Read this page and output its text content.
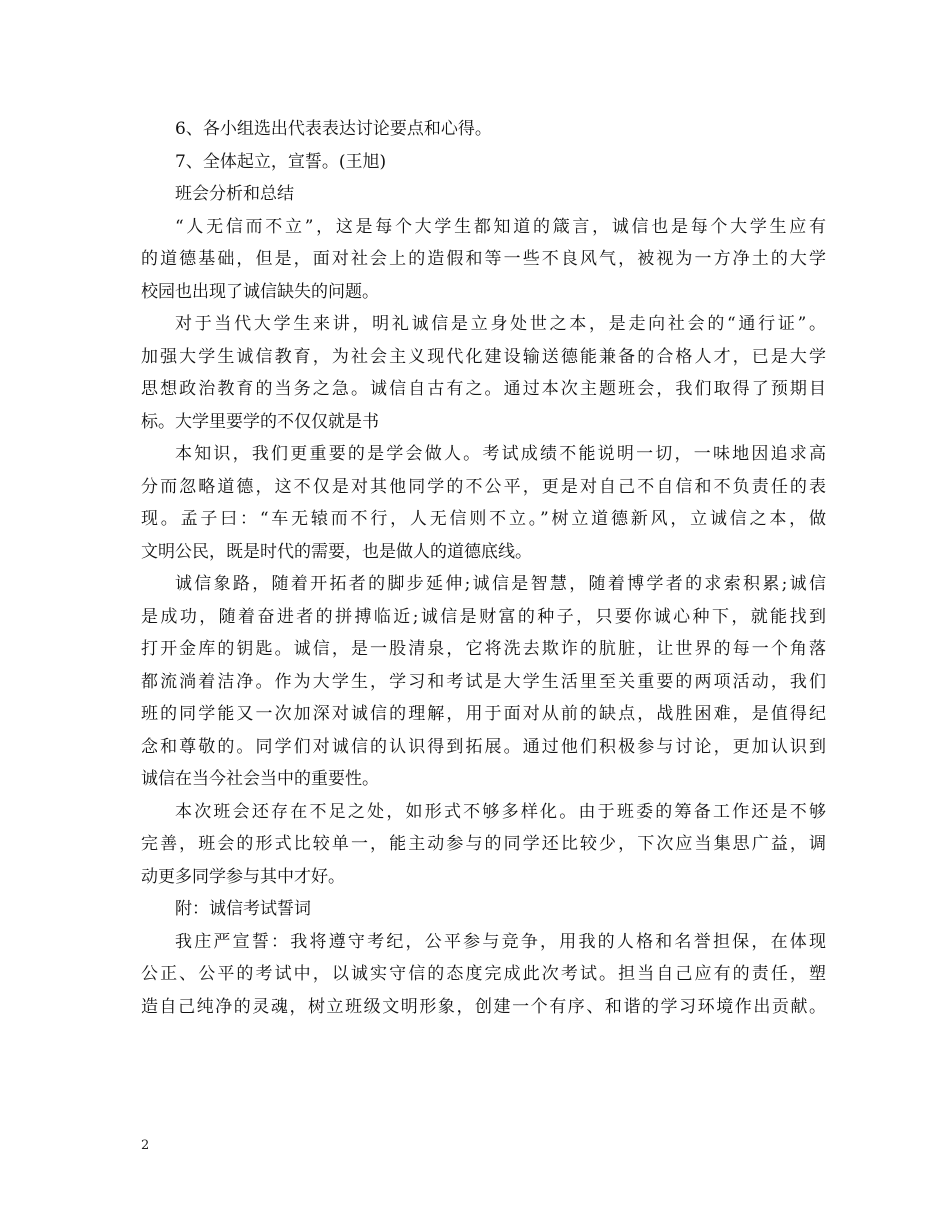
6、各小组选出代表表达讨论要点和心得。
7、全体起立，宣誓。(王旭)
班会分析和总结
“人无信而不立”，这是每个大学生都知道的箴言，诚信也是每个大学生应有
的道德基础，但是，面对社会上的造假和等一些不良风气，被视为一方净土的大学
校园也出现了诚信缺失的问题。
对于当代大学生来讲，明礼诚信是立身处世之本，是走向社会的“通行证”。
加强大学生诚信教育，为社会主义现代化建设输送德能兼备的合格人才，已是大学
思想政治教育的当务之急。诚信自古有之。通过本次主题班会，我们取得了预期目
标。大学里要学的不仅仅就是书
本知识，我们更重要的是学会做人。考试成绩不能说明一切，一味地因追求高
分而忽略道德，这不仅是对其他同学的不公平，更是对自己不自信和不负责任的表
现。孟子曰：“车无辕而不行，人无信则不立。”树立道德新风，立诚信之本，做
文明公民，既是时代的需要，也是做人的道德底线。
诚信象路，随着开拓者的脚步延伸;诚信是智慧，随着博学者的求索积累;诚信
是成功，随着奋进者的拼搏临近;诚信是财富的种子，只要你诚心种下，就能找到
打开金库的钥匙。诚信，是一股清泉，它将洗去欺诈的肮脏，让世界的每一个角落
都流淌着洁净。作为大学生，学习和考试是大学生活里至关重要的两项活动，我们
班的同学能又一次加深对诚信的理解，用于面对从前的缺点，战胜困难，是值得纪
念和尊敬的。同学们对诚信的认识得到拓展。通过他们积极参与讨论，更加认识到
诚信在当今社会当中的重要性。
本次班会还存在不足之处，如形式不够多样化。由于班委的筹备工作还是不够
完善，班会的形式比较单一，能主动参与的同学还比较少，下次应当集思广益，调
动更多同学参与其中才好。
附：诚信考试誓词
我庄严宣誓：我将遵守考纪，公平参与竞争，用我的人格和名誉担保，在体现
公正、公平的考试中，以诚实守信的态度完成此次考试。担当自己应有的责任，塑
造自己纯净的灵魂，树立班级文明形象，创建一个有序、和谐的学习环境作出贡献。
2
